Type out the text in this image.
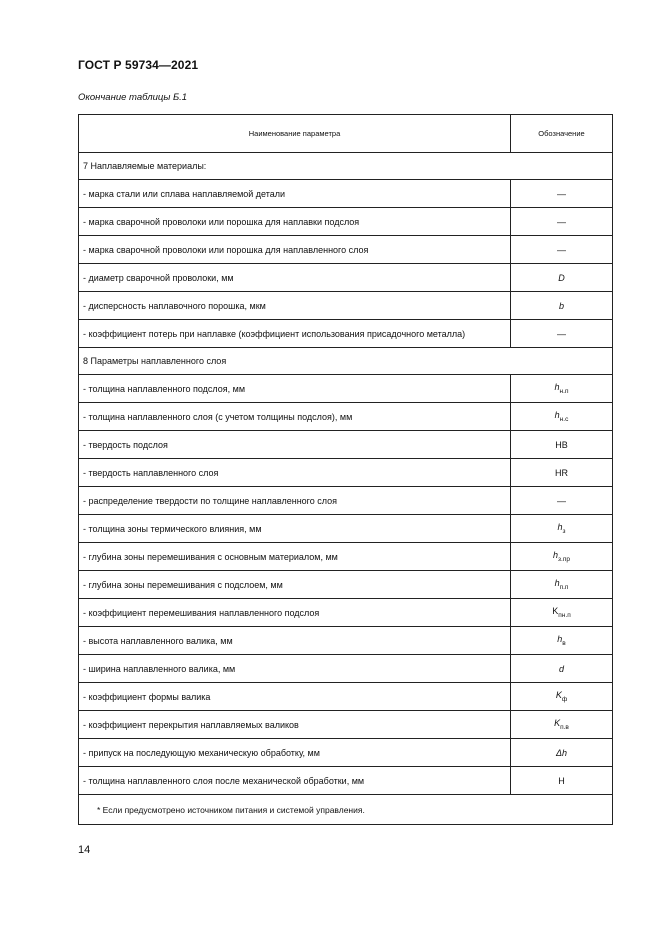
ГОСТ Р 59734—2021
Окончание таблицы Б.1
Наименование параметра	Обозначение
7 Наплавляемые материалы:	
- марка стали или сплава наплавляемой детали	—
- марка сварочной проволоки или порошка для наплавки подслоя	—
- марка сварочной проволоки или порошка для наплавленного слоя	—
- диаметр сварочной проволоки, мм	D
- дисперсность наплавочного порошка, мкм	b
- коэффициент потерь при наплавке (коэффициент использования присадочного металла)	—
8 Параметры наплавленного слоя	
- толщина наплавленного подслоя, мм	$h_{н.п}$
- толщина наплавленного слоя (с учетом толщины подслоя), мм	$h_{н.с}$
- твердость подслоя	HB
- твердость наплавленного слоя	HR
- распределение твердости по толщине наплавленного слоя	—
- толщина зоны термического влияния, мм	$h_з$
- глубина зоны перемешивания с основным материалом, мм	$h_{з.пр}$
- глубина зоны перемешивания с подслоем, мм	$h_{п.п}$
- коэффициент перемешивания наплавленного подслоя	$K_{пн.п}$
- высота наплавленного валика, мм	$h_в$
- ширина наплавленного валика, мм	d
- коэффициент формы валика	$K_ф$
- коэффициент перекрытия наплавляемых валиков	$K_{п.в}$
- припуск на последующую механическую обработку, мм	Δh
- толщина наплавленного слоя после механической обработки, мм	H
* Если предусмотрено источником питания и системой управления.	
14
